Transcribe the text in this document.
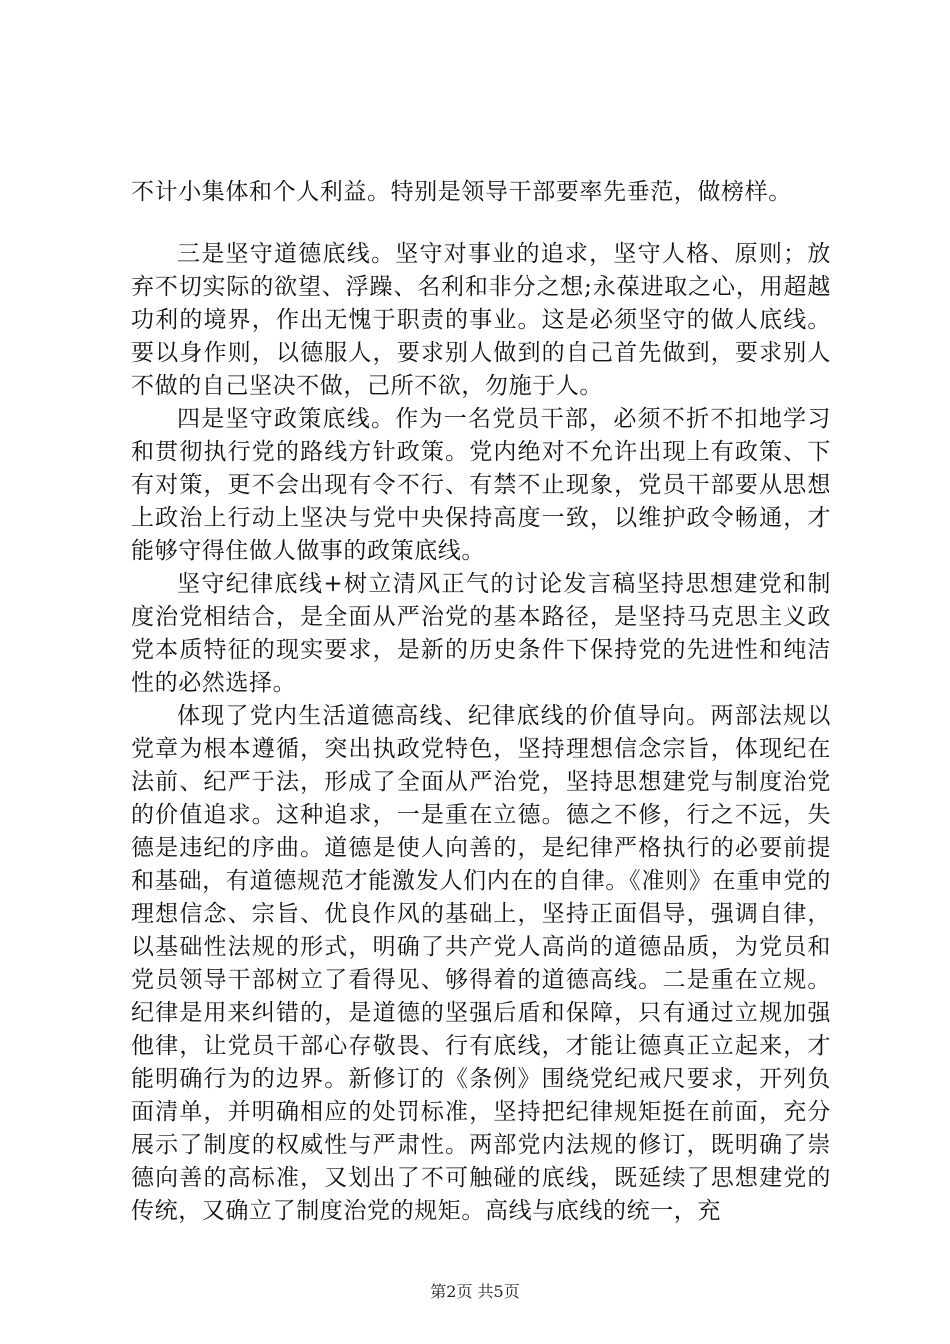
不计小集体和个人利益。特别是领导干部要率先垂范，做榜样。

三是坚守道德底线。坚守对事业的追求，坚守人格、原则；放弃不切实际的欲望、浮躁、名利和非分之想;永葆进取之心，用超越功利的境界，作出无愧于职责的事业。这是必须坚守的做人底线。要以身作则，以德服人，要求别人做到的自己首先做到，要求别人不做的自己坚决不做，己所不欲，勿施于人。

四是坚守政策底线。作为一名党员干部，必须不折不扣地学习和贯彻执行党的路线方针政策。党内绝对不允许出现上有政策、下有对策，更不会出现有令不行、有禁不止现象，党员干部要从思想上政治上行动上坚决与党中央保持高度一致，以维护政令畅通，才能够守得住做人做事的政策底线。

坚守纪律底线+树立清风正气的讨论发言稿坚持思想建党和制度治党相结合，是全面从严治党的基本路径，是坚持马克思主义政党本质特征的现实要求，是新的历史条件下保持党的先进性和纯洁性的必然选择。

体现了党内生活道德高线、纪律底线的价值导向。两部法规以党章为根本遵循，突出执政党特色，坚持理想信念宗旨，体现纪在法前、纪严于法，形成了全面从严治党，坚持思想建党与制度治党的价值追求。这种追求，一是重在立德。德之不修，行之不远，失德是违纪的序曲。道德是使人向善的，是纪律严格执行的必要前提和基础，有道德规范才能激发人们内在的自律。《准则》在重申党的理想信念、宗旨、优良作风的基础上，坚持正面倡导，强调自律，以基础性法规的形式，明确了共产党人高尚的道德品质，为党员和党员领导干部树立了看得见、够得着的道德高线。二是重在立规。纪律是用来纠错的，是道德的坚强后盾和保障，只有通过立规加强他律，让党员干部心存敬畏、行有底线，才能让德真正立起来，才能明确行为的边界。新修订的《条例》围绕党纪戒尺要求，开列负面清单，并明确相应的处罚标准，坚持把纪律规矩挺在前面，充分展示了制度的权威性与严肃性。两部党内法规的修订，既明确了崇德向善的高标准，又划出了不可触碰的底线，既延续了思想建党的传统，又确立了制度治党的规矩。高线与底线的统一，充

第2页 共5页
